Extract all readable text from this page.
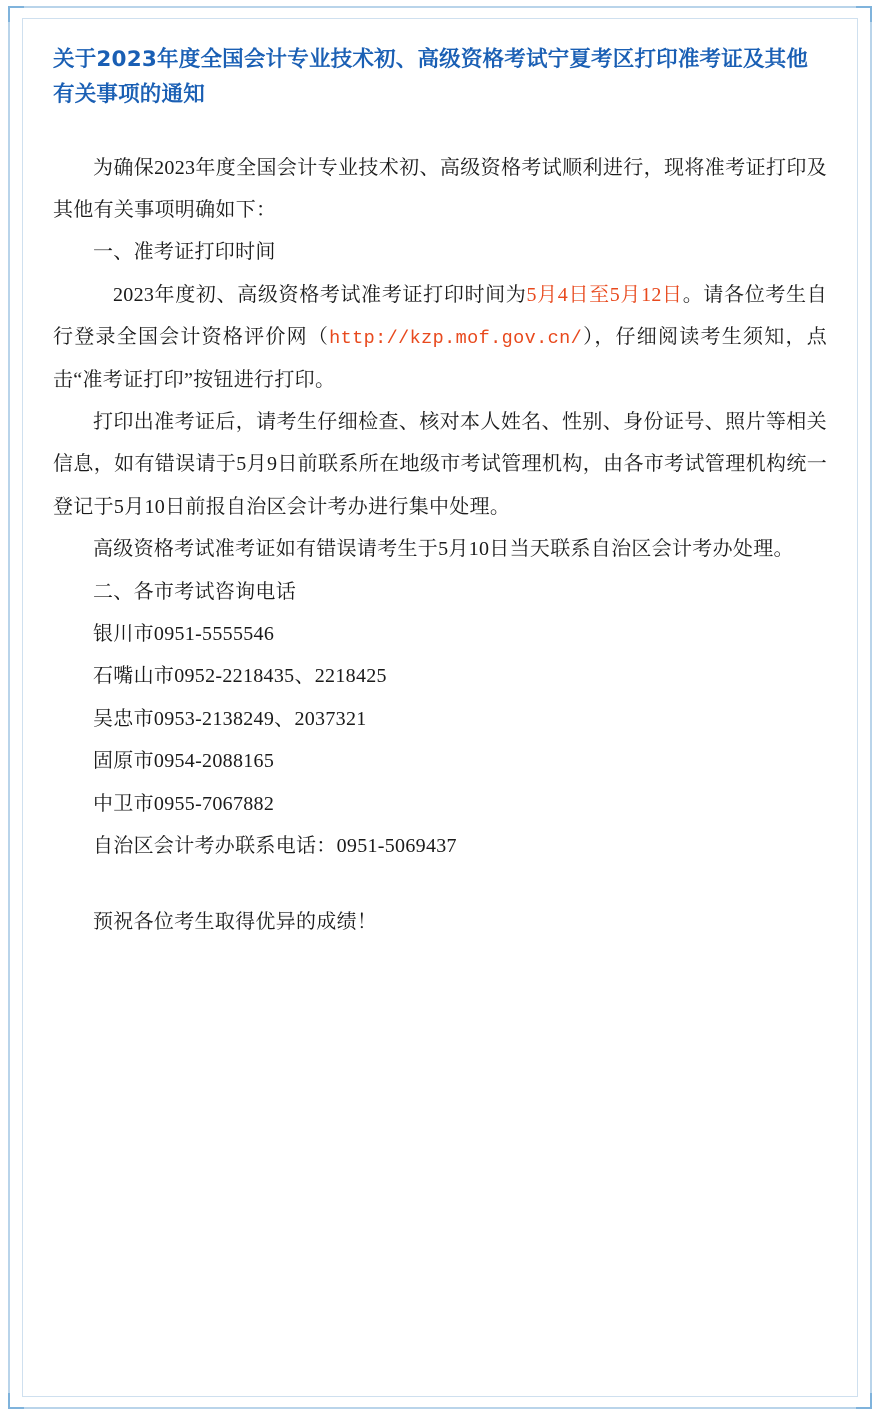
关于2023年度全国会计专业技术初、高级资格考试宁夏考区打印准考证及其他有关事项的通知

为确保2023年度全国会计专业技术初、高级资格考试顺利进行，现将准考证打印及其他有关事项明确如下：

一、准考证打印时间

2023年度初、高级资格考试准考证打印时间为5月4日至5月12日。请各位考生自行登录全国会计资格评价网（http://kzp.mof.gov.cn/），仔细阅读考生须知，点击“准考证打印”按钮进行打印。

打印出准考证后，请考生仔细检查、核对本人姓名、性别、身份证号、照片等相关信息，如有错误请于5月9日前联系所在地级市考试管理机构，由各市考试管理机构统一登记于5月10日前报自治区会计考办进行集中处理。

高级资格考试准考证如有错误请考生于5月10日当天联系自治区会计考办处理。

二、各市考试咨询电话

银川市0951-5555546

石嘴山市0952-2218435、2218425

吴忠市0953-2138249、2037321

固原市0954-2088165

中卫市0955-7067882

自治区会计考办联系电话：0951-5069437

预祝各位考生取得优异的成绩！
